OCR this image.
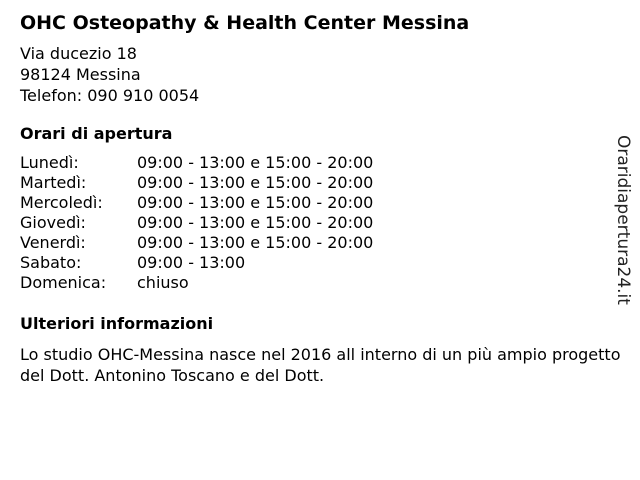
OHC Osteopathy & Health Center Messina
Via ducezio 18
98124 Messina
Telefon: 090 910 0054
Orari di apertura
Lunedì:	09:00 - 13:00 e 15:00 - 20:00
Martedì:	09:00 - 13:00 e 15:00 - 20:00
Mercoledì: 09:00 - 13:00 e 15:00 - 20:00
Giovedì:	09:00 - 13:00 e 15:00 - 20:00
Venerdì:	09:00 - 13:00 e 15:00 - 20:00
Sabato:	09:00 - 13:00
Domenica: chiuso
Ulteriori informazioni
Lo studio OHC-Messina nasce nel 2016 all interno di un più ampio progetto del Dott. Antonino Toscano e del Dott.
Oraridiapertura24.it
